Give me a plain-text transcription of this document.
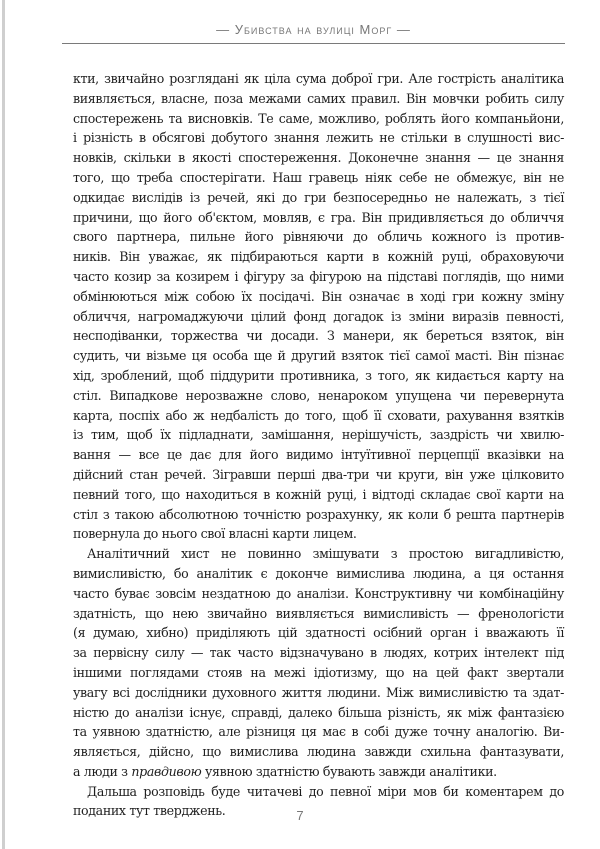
— Убивства на вулиці Морг —
кти, звичайно розглядані як ціла сума доброї гри. Але гострість аналітика
виявляється, власне, поза межами самих правил. Він мовчки робить силу
спостережень та висновків. Те саме, можливо, роблять його компаньйони,
і різність в обсягові добутого знання лежить не стільки в слушності вис-
новків, скільки в якості спостереження. Доконечне знання — це знання
того, що треба спостерігати. Наш гравець ніяк себе не обмежує, він не
одкидає вислідів із речей, які до гри безпосередньо не належать, з тієї
причини, що його об'єктом, мовляв, є гра. Він придивляється до обличчя
свого партнера, пильне його рівняючи до обличь кожного із против-
ників. Він уважає, як підбираються карти в кожній руці, обраховуючи
часто козир за козирем і фігуру за фігурою на підставі поглядів, що ними
обмінюються між собою їх посідачі. Він означає в ході гри кожну зміну
обличчя, нагромаджуючи цілий фонд догадок із зміни виразів певності,
несподіванки, торжества чи досади. З манери, як береться взяток, він
судить, чи візьме ця особа ще й другий взяток тієї самої масті. Він пізнає
хід, зроблений, щоб піддурити противника, з того, як кидається карту на
стіл. Випадкове нерозважне слово, ненароком упущена чи перевернута
карта, поспіх або ж недбалість до того, щоб її сховати, рахування взятків
із тим, щоб їх підладнати, замішання, нерішучість, заздрість чи хвилю-
вання — все це дає для його видимо інтуїтивної перцепції вказівки на
дійсний стан речей. Зігравши перші два-три чи круги, він уже цілковито
певний того, що находиться в кожній руці, і відтоді складає свої карти на
стіл з такою абсолютною точністю розрахунку, як коли б решта партнерів
повернула до нього свої власні карти лицем.
Аналітичний хист не повинно змішувати з простою вигадливістю,
вимисливістю, бо аналітик є доконче вимислива людина, а ця остання
часто буває зовсім нездатною до аналізи. Конструктивну чи комбінаційну
здатність, що нею звичайно виявляється вимисливість — френологісти
(я думаю, хибно) приділяють цій здатності осібний орган і вважають її
за первісну силу — так часто відзначувано в людях, котрих інтелект під
іншими поглядами стояв на межі ідіотизму, що на цей факт звертали
увагу всі дослідники духовного життя людини. Між вимисливістю та здат-
ністю до аналізи існує, справді, далеко більша різність, як між фантазією
та уявною здатністю, але різниця ця має в собі дуже точну аналогію. Ви-
являється, дійсно, що вимислива людина завжди схильна фантазувати,
а люди з правдивою уявною здатністю бувають завжди аналітики.
Дальша розповідь буде читачеві до певної міри мов би коментарем до
поданих тут тверджень.	7
